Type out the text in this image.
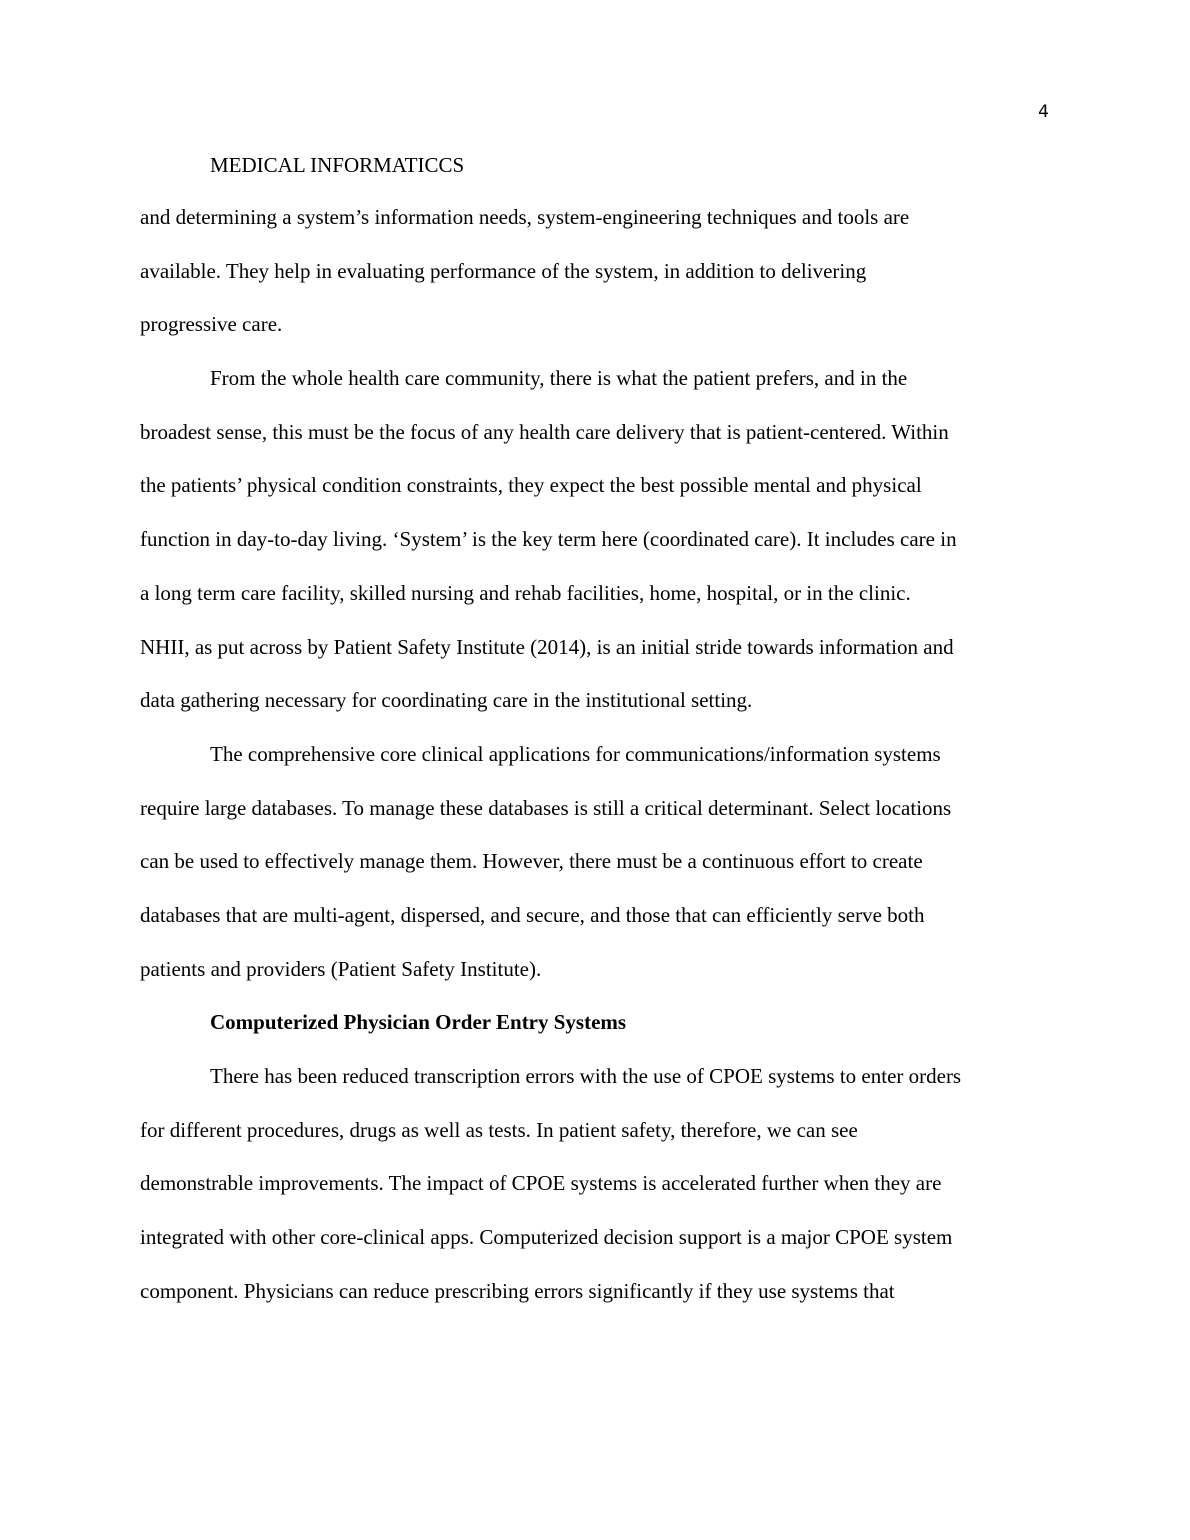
4
MEDICAL INFORMATICCS
and determining a system’s information needs, system-engineering techniques and tools are
available. They help in evaluating performance of the system, in addition to delivering
progressive care.
From the whole health care community, there is what the patient prefers, and in the
broadest sense, this must be the focus of any health care delivery that is patient-centered. Within
the patients’ physical condition constraints, they expect the best possible mental and physical
function in day-to-day living. ‘System’ is the key term here (coordinated care). It includes care in
a long term care facility, skilled nursing and rehab facilities, home, hospital, or in the clinic.
NHII, as put across by Patient Safety Institute (2014), is an initial stride towards information and
data gathering necessary for coordinating care in the institutional setting.
The comprehensive core clinical applications for communications/information systems
require large databases. To manage these databases is still a critical determinant. Select locations
can be used to effectively manage them. However, there must be a continuous effort to create
databases that are multi-agent, dispersed, and secure, and those that can efficiently serve both
patients and providers (Patient Safety Institute).
Computerized Physician Order Entry Systems
There has been reduced transcription errors with the use of CPOE systems to enter orders
for different procedures, drugs as well as tests. In patient safety, therefore, we can see
demonstrable improvements. The impact of CPOE systems is accelerated further when they are
integrated with other core-clinical apps. Computerized decision support is a major CPOE system
component. Physicians can reduce prescribing errors significantly if they use systems that
